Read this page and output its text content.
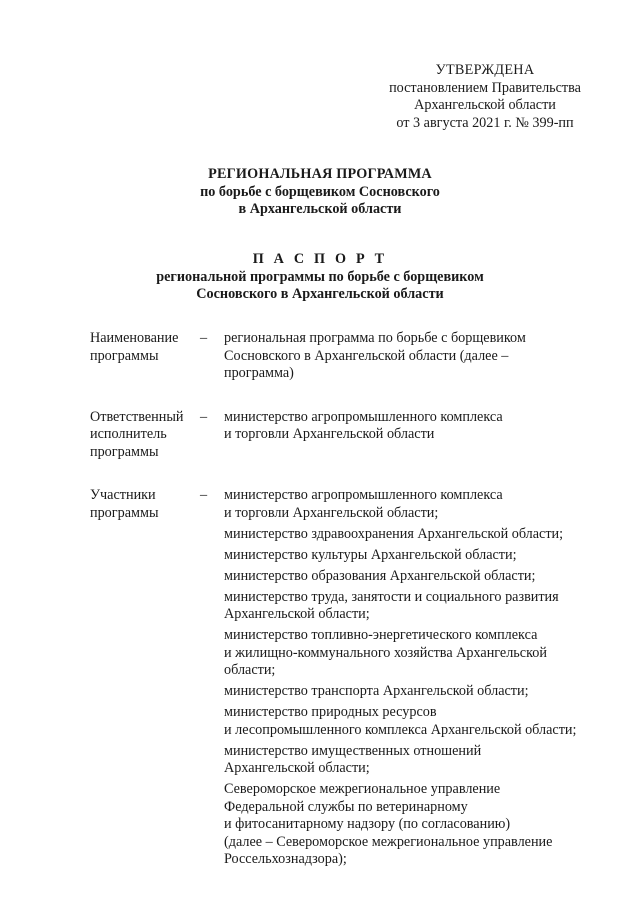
УТВЕРЖДЕНА
постановлением Правительства
Архангельской области
от 3 августа 2021 г. № 399-пп
РЕГИОНАЛЬНАЯ ПРОГРАММА
по борьбе с борщевиком Сосновского
в Архангельской области
П А С П О Р Т
региональной программы по борьбе с борщевиком
Сосновского в Архангельской области
Наименование
программы
–	региональная программа по борьбе с борщевиком
Сосновского в Архангельской области (далее –
программа)
Ответственный
исполнитель
программы
–	министерство агропромышленного комплекса
и торговли Архангельской области
Участники
программы
–	министерство агропромышленного комплекса
и торговли Архангельской области;
министерство здравоохранения Архангельской области;
министерство культуры Архангельской области;
министерство образования Архангельской области;
министерство труда, занятости и социального развития
Архангельской области;
министерство топливно-энергетического комплекса
и жилищно-коммунального хозяйства Архангельской
области;
министерство транспорта Архангельской области;
министерство природных ресурсов
и лесопромышленного комплекса Архангельской области;
министерство имущественных отношений
Архангельской области;
Североморское межрегиональное управление
Федеральной службы по ветеринарному
и фитосанитарному надзору (по согласованию)
(далее – Североморское межрегиональное управление
Россельхознадзора);
